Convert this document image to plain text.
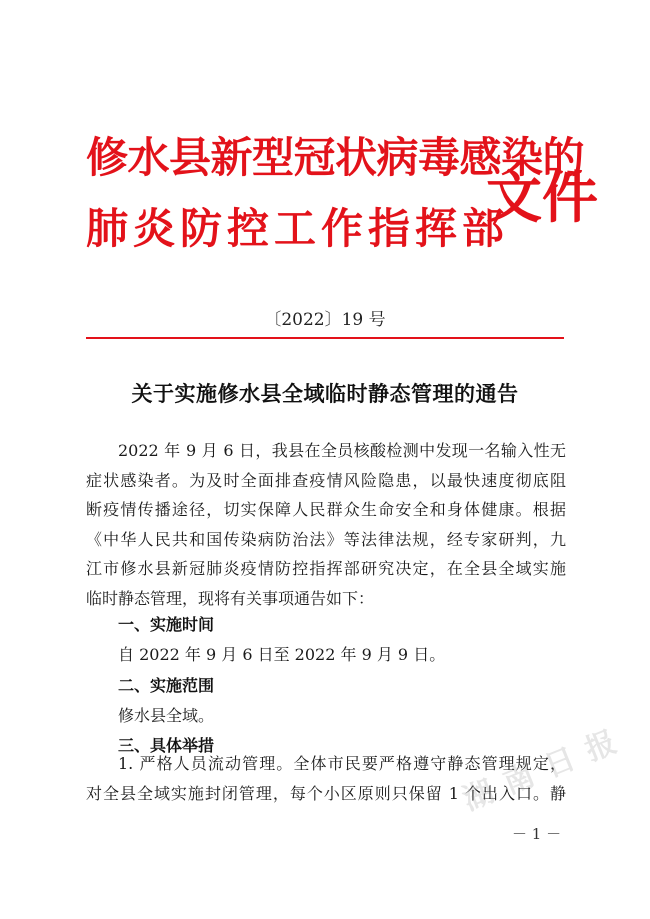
修水县新型冠状病毒感染的
肺炎防控工作指挥部
文件
〔2022〕19 号
关于实施修水县全域临时静态管理的通告
2022 年 9 月 6 日，我县在全员核酸检测中发现一名输入性无
症状感染者。为及时全面排查疫情风险隐患，以最快速度彻底阻
断疫情传播途径，切实保障人民群众生命安全和身体健康。根据
《中华人民共和国传染病防治法》等法律法规，经专家研判，九
江市修水县新冠肺炎疫情防控指挥部研究决定，在全县全域实施
临时静态管理，现将有关事项通告如下：
一、实施时间
自 2022 年 9 月 6 日至 2022 年 9 月 9 日。
二、实施范围
修水县全域。
三、具体举措
1. 严格人员流动管理。全体市民要严格遵守静态管理规定，
对全县全域实施封闭管理，每个小区原则只保留 1 个出入口。静
－ 1 －
湖南日报
